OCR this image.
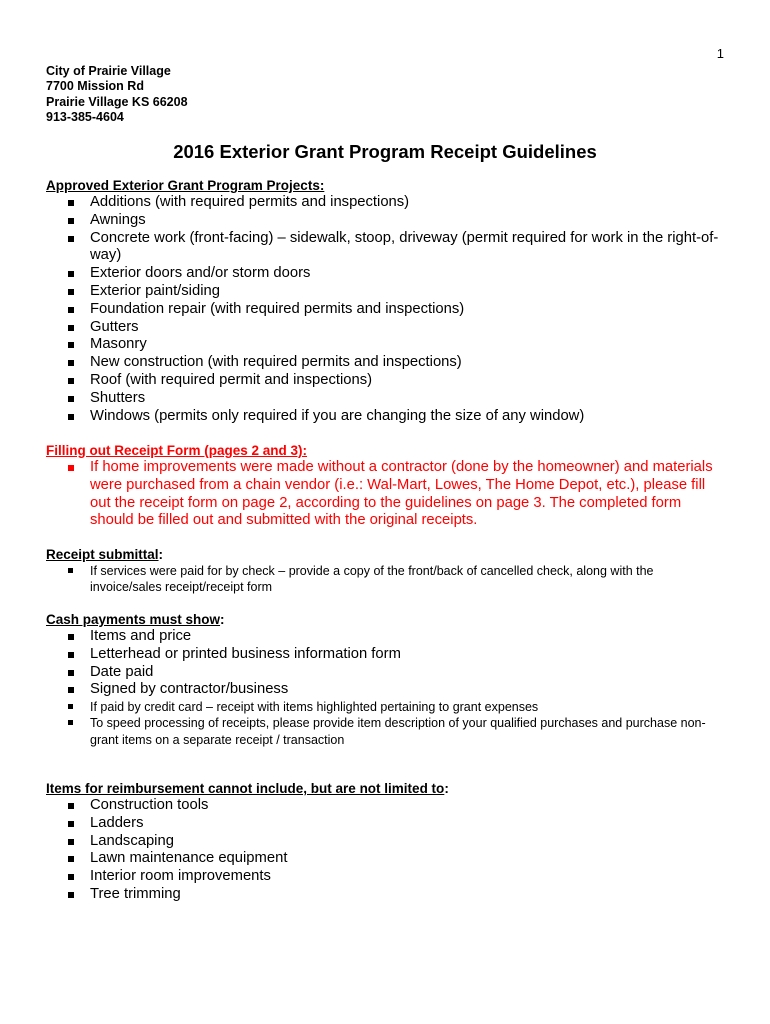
1
City of Prairie Village
7700 Mission Rd
Prairie Village KS 66208
913-385-4604
2016 Exterior Grant Program Receipt Guidelines
Approved Exterior Grant Program Projects:
Additions (with required permits and inspections)
Awnings
Concrete work (front-facing) – sidewalk, stoop, driveway (permit required for work in the right-of-way)
Exterior doors and/or storm doors
Exterior paint/siding
Foundation repair (with required permits and inspections)
Gutters
Masonry
New construction (with required permits and inspections)
Roof (with required permit and inspections)
Shutters
Windows (permits only required if you are changing the size of any window)
Filling out Receipt Form (pages 2 and 3):
If home improvements were made without a contractor (done by the homeowner) and materials were purchased from a chain vendor (i.e.: Wal-Mart, Lowes, The Home Depot, etc.), please fill out the receipt form on page 2, according to the guidelines on page 3. The completed form should be filled out and submitted with the original receipts.
Receipt submittal:
If services were paid for by check – provide a copy of the front/back of cancelled check, along with the invoice/sales receipt/receipt form
Cash payments must show:
Items and price
Letterhead or printed business information form
Date paid
Signed by contractor/business
If paid by credit card – receipt with items highlighted pertaining to grant expenses
To speed processing of receipts, please provide item description of your qualified purchases and purchase non-grant items on a separate receipt / transaction
Items for reimbursement cannot include, but are not limited to:
Construction tools
Ladders
Landscaping
Lawn maintenance equipment
Interior room improvements
Tree trimming
